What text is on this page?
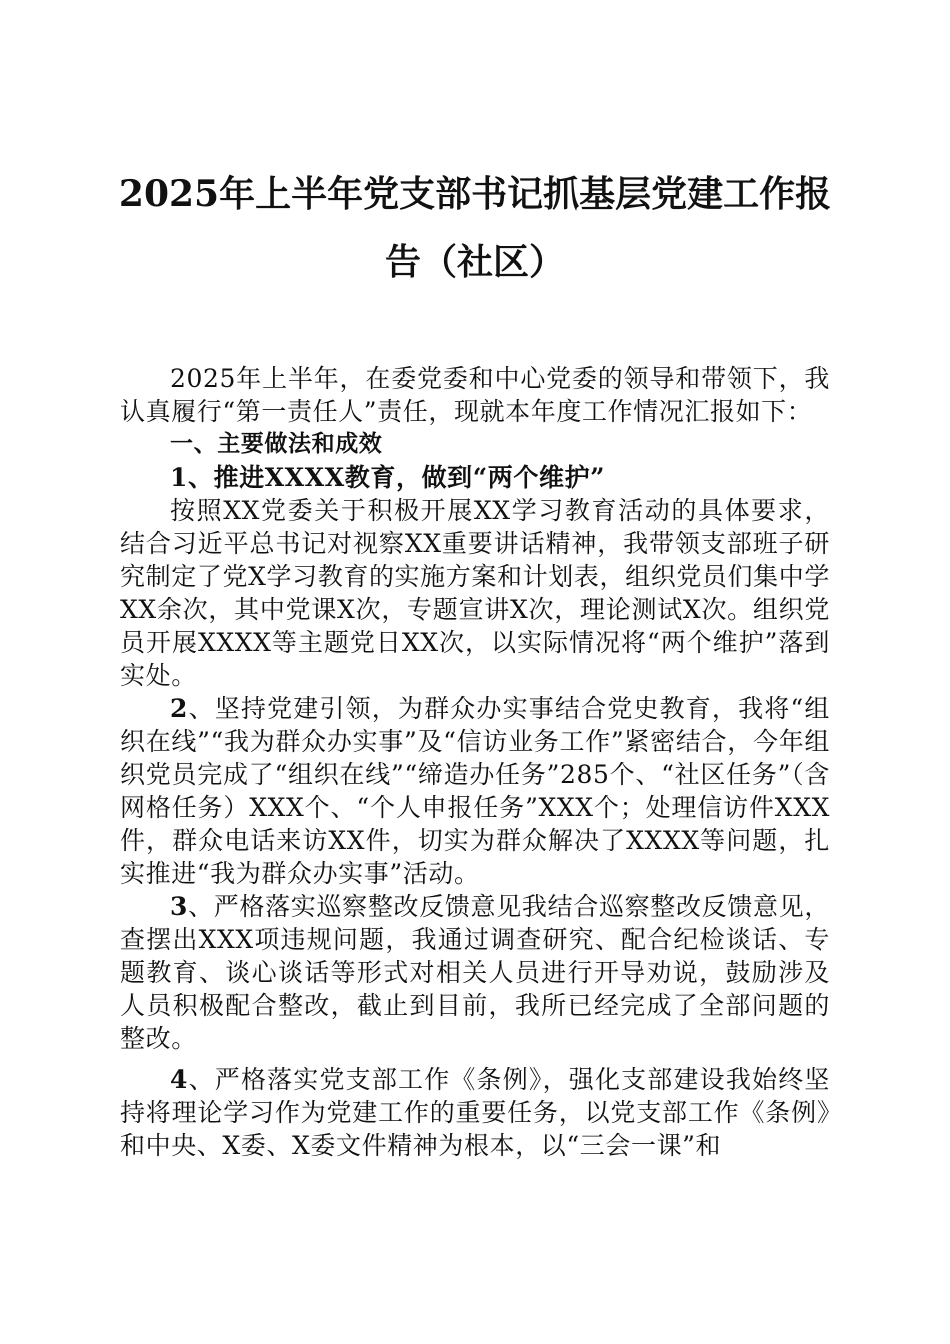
2025年上半年党支部书记抓基层党建工作报
告（社区）

2025年上半年，在委党委和中心党委的领导和带领下，我认真履行“第一责任人”责任，现就本年度工作情况汇报如下：

一、主要做法和成效

1、推进XXXX教育，做到“两个维护”

按照XX党委关于积极开展XX学习教育活动的具体要求，结合习近平总书记对视察XX重要讲话精神，我带领支部班子研究制定了党X学习教育的实施方案和计划表，组织党员们集中学XX余次，其中党课X次，专题宣讲X次，理论测试X次。组织党员开展XXXX等主题党日XX次，以实际情况将“两个维护”落到实处。

2、坚持党建引领，为群众办实事结合党史教育，我将“组织在线”“我为群众办实事”及“信访业务工作”紧密结合，今年组织党员完成了“组织在线”“缔造办任务”285个、“社区任务”（含网格任务）XXX个、“个人申报任务”XXX个；处理信访件XXX件，群众电话来访XX件，切实为群众解决了XXXX等问题，扎实推进“我为群众办实事”活动。

3、严格落实巡察整改反馈意见我结合巡察整改反馈意见，查摆出XXX项违规问题，我通过调查研究、配合纪检谈话、专题教育、谈心谈话等形式对相关人员进行开导劝说，鼓励涉及人员积极配合整改，截止到目前，我所已经完成了全部问题的整改。

4、严格落实党支部工作《条例》，强化支部建设我始终坚持将理论学习作为党建工作的重要任务，以党支部工作《条例》和中央、X委、X委文件精神为根本，以“三会一课”和
